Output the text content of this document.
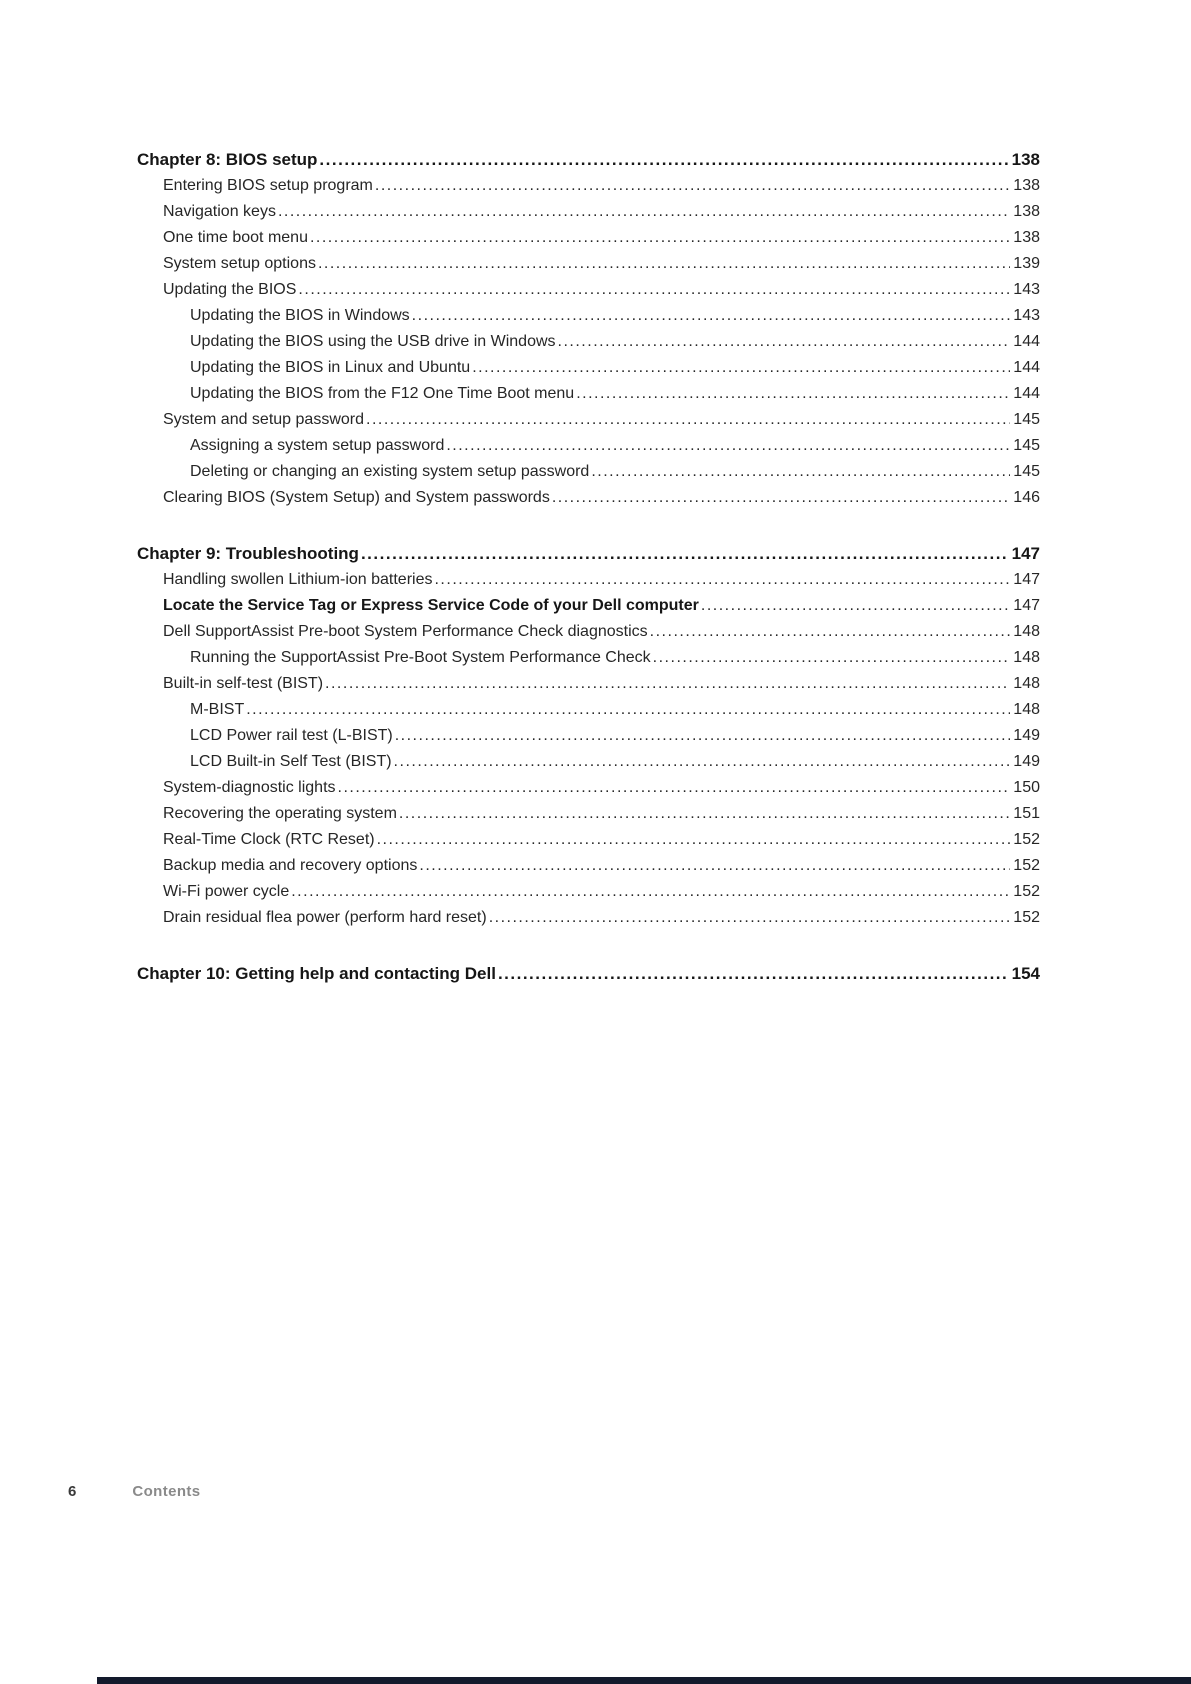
Chapter 8: BIOS setup .....	138
Entering BIOS setup program .....	138
Navigation keys .....	138
One time boot menu .....	138
System setup options .....	139
Updating the BIOS .....	143
Updating the BIOS in Windows .....	143
Updating the BIOS using the USB drive in Windows .....	144
Updating the BIOS in Linux and Ubuntu .....	144
Updating the BIOS from the F12 One Time Boot menu .....	144
System and setup password .....	145
Assigning a system setup password .....	145
Deleting or changing an existing system setup password .....	145
Clearing BIOS (System Setup) and System passwords .....	146
Chapter 9: Troubleshooting .....	147
Handling swollen Lithium-ion batteries .....	147
Locate the Service Tag or Express Service Code of your Dell computer .....	147
Dell SupportAssist Pre-boot System Performance Check diagnostics .....	148
Running the SupportAssist Pre-Boot System Performance Check .....	148
Built-in self-test (BIST) .....	148
M-BIST .....	148
LCD Power rail test (L-BIST) .....	149
LCD Built-in Self Test (BIST) .....	149
System-diagnostic lights .....	150
Recovering the operating system .....	151
Real-Time Clock (RTC Reset) .....	152
Backup media and recovery options .....	152
Wi-Fi power cycle .....	152
Drain residual flea power (perform hard reset) .....	152
Chapter 10: Getting help and contacting Dell .....	154
6	Contents
